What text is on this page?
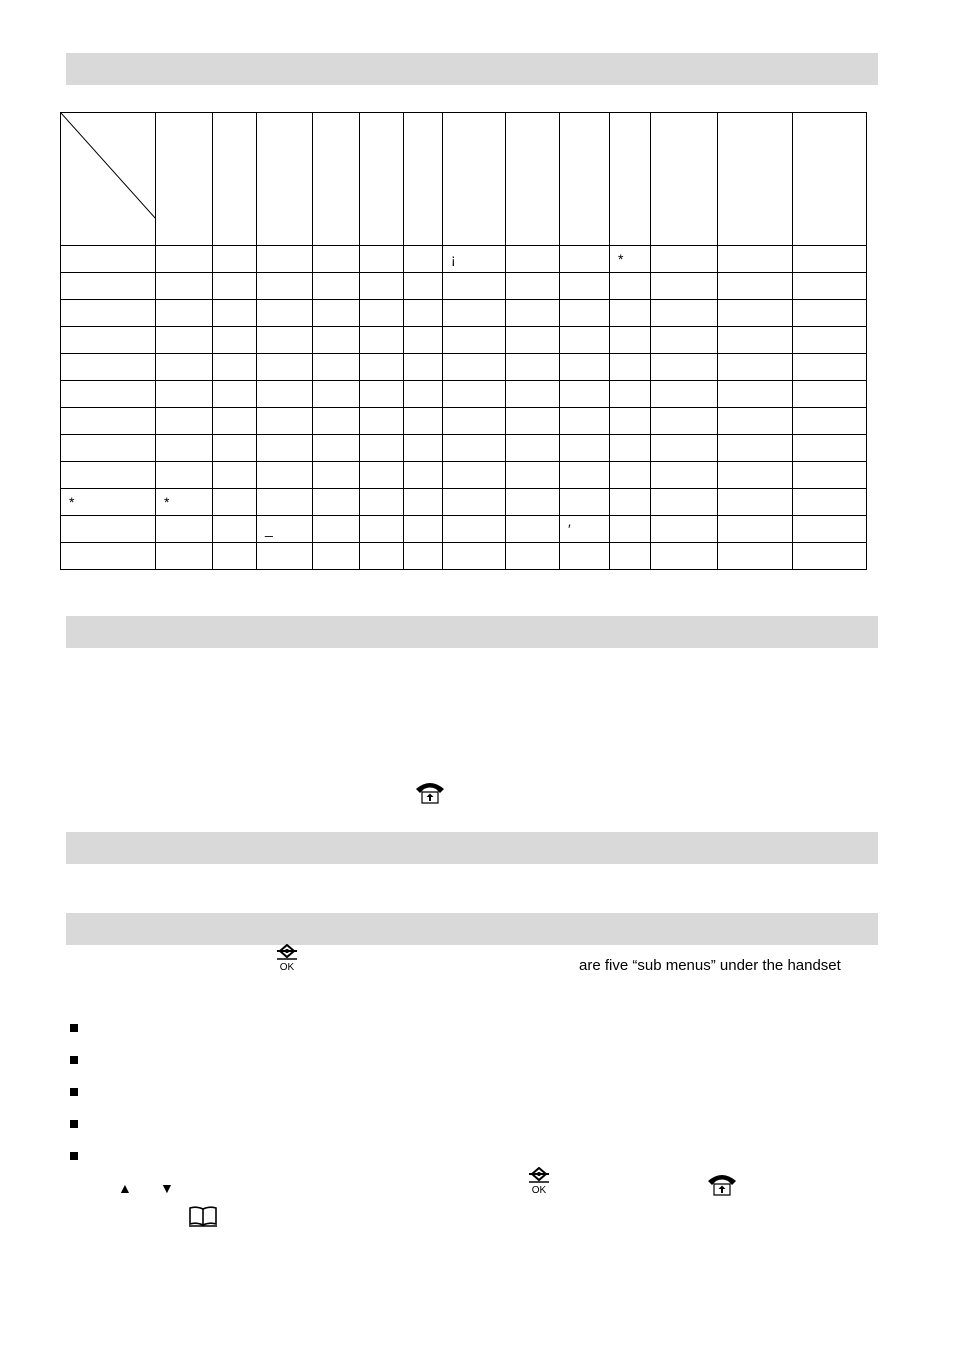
							¡			*			

*	*												
			_						′				

OK	are five “sub menus” under the handset
▲ ▼	OK
